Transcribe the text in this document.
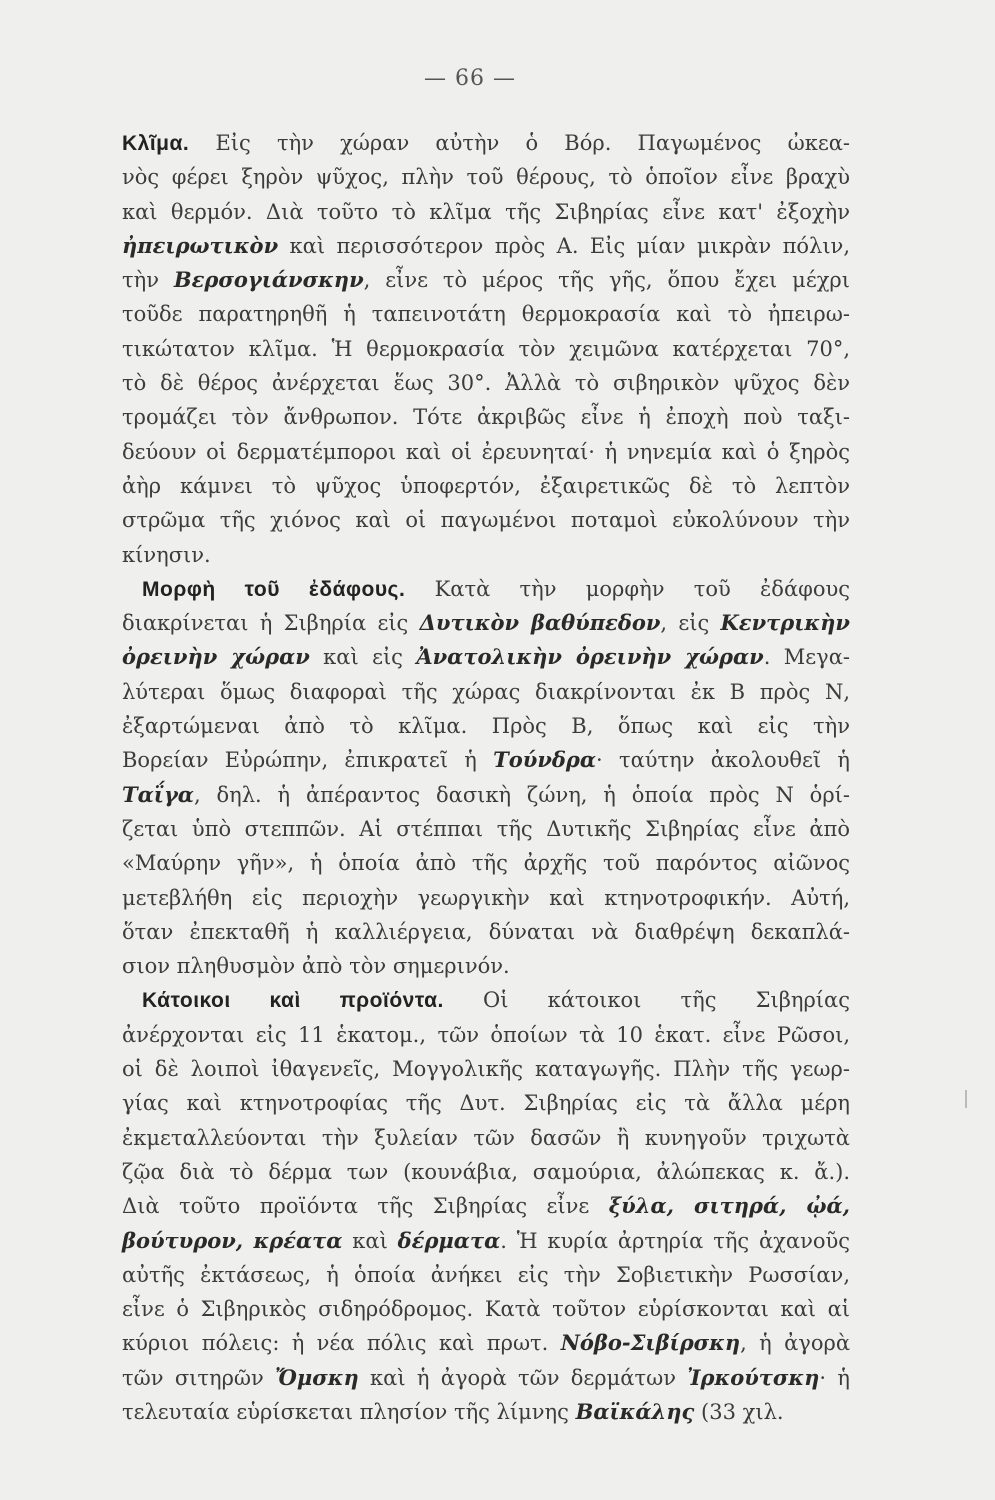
— 66 —
Κλῖμα. Εἰς τὴν χώραν αὐτὴν ὁ Βόρ. Παγωμένος ὠκεα-
νὸς φέρει ξηρὸν ψῦχος, πλὴν τοῦ θέρους, τὸ ὁποῖον εἶνε βραχὺ
καὶ θερμόν. Διὰ τοῦτο τὸ κλῖμα τῆς Σιβηρίας εἶνε κατ' ἐξοχὴν
ἠπειρωτικὸν καὶ περισσότερον πρὸς Α. Εἰς μίαν μικρὰν πόλιν,
τὴν Βερσογιάνσκην, εἶνε τὸ μέρος τῆς γῆς, ὅπου ἔχει μέχρι
τοῦδε παρατηρηθῆ ἡ ταπεινοτάτη θερμοκρασία καὶ τὸ ἠπειρω-
τικώτατον κλῖμα. Ἡ θερμοκρασία τὸν χειμῶνα κατέρχεται 70°,
τὸ δὲ θέρος ἀνέρχεται ἕως 30°. Ἀλλὰ τὸ σιβηρικὸν ψῦχος δὲν
τρομάζει τὸν ἄνθρωπον. Τότε ἀκριβῶς εἶνε ἡ ἐποχὴ ποὺ ταξι-
δεύουν οἱ δερματέμποροι καὶ οἱ ἐρευνηταί· ἡ νηνεμία καὶ ὁ ξηρὸς
ἀὴρ κάμνει τὸ ψῦχος ὑποφερτόν, ἐξαιρετικῶς δὲ τὸ λεπτὸν
στρῶμα τῆς χιόνος καὶ οἱ παγωμένοι ποταμοὶ εὐκολύνουν τὴν
κίνησιν.
Μορφὴ τοῦ ἐδάφους. Κατὰ τὴν μορφὴν τοῦ ἐδάφους
διακρίνεται ἡ Σιβηρία εἰς Δυτικὸν βαθύπεδον, εἰς Κεντρικὴν
ὀρεινὴν χώραν καὶ εἰς Ἀνατολικὴν ὀρεινὴν χώραν. Μεγα-
λύτεραι ὅμως διαφοραὶ τῆς χώρας διακρίνονται ἐκ Β πρὸς Ν,
ἐξαρτώμεναι ἀπὸ τὸ κλῖμα. Πρὸς Β, ὅπως καὶ εἰς τὴν
Βορείαν Εὐρώπην, ἐπικρατεῖ ἡ Τούνδρα· ταύτην ἀκολουθεῖ ἡ
Ταΐγα, δηλ. ἡ ἀπέραντος δασικὴ ζώνη, ἡ ὁποία πρὸς Ν ὁρί-
ζεται ὑπὸ στεππῶν. Αἱ στέππαι τῆς Δυτικῆς Σιβηρίας εἶνε ἀπὸ
«Μαύρην γῆν», ἡ ὁποία ἀπὸ τῆς ἀρχῆς τοῦ παρόντος αἰῶνος
μετεβλήθη εἰς περιοχὴν γεωργικὴν καὶ κτηνοτροφικήν. Αὐτή,
ὅταν ἐπεκταθῆ ἡ καλλιέργεια, δύναται νὰ διαθρέψη δεκαπλά-
σιον πληθυσμὸν ἀπὸ τὸν σημερινόν.
Κάτοικοι καὶ προϊόντα. Οἱ κάτοικοι τῆς Σιβηρίας
ἀνέρχονται εἰς 11 ἑκατομ., τῶν ὁποίων τὰ 10 ἑκατ. εἶνε Ρῶσοι,
οἱ δὲ λοιποὶ ἰθαγενεῖς, Μογγολικῆς καταγωγῆς. Πλὴν τῆς γεωρ-
γίας καὶ κτηνοτροφίας τῆς Δυτ. Σιβηρίας εἰς τὰ ἄλλα μέρη
ἐκμεταλλεύονται τὴν ξυλείαν τῶν δασῶν ἢ κυνηγοῦν τριχωτὰ
ζῷα διὰ τὸ δέρμα των (κουνάβια, σαμούρια, ἀλώπεκας κ. ἄ.).
Διὰ τοῦτο προϊόντα τῆς Σιβηρίας εἶνε ξύλα, σιτηρά, ᾠά,
βούτυρον, κρέατα καὶ δέρματα. Ἡ κυρία ἀρτηρία τῆς ἀχανοῦς
αὐτῆς ἐκτάσεως, ἡ ὁποία ἀνήκει εἰς τὴν Σοβιετικὴν Ρωσσίαν,
εἶνε ὁ Σιβηρικὸς σιδηρόδρομος. Κατὰ τοῦτον εὑρίσκονται καὶ αἱ
κύριοι πόλεις: ἡ νέα πόλις καὶ πρωτ. Νόβο-Σιβίρσκη, ἡ ἀγορὰ
τῶν σιτηρῶν Ὄμσκη καὶ ἡ ἀγορὰ τῶν δερμάτων Ἰρκούτσκη· ἡ
τελευταία εὑρίσκεται πλησίον τῆς λίμνης Βαϊκάλης (33 χιλ.
